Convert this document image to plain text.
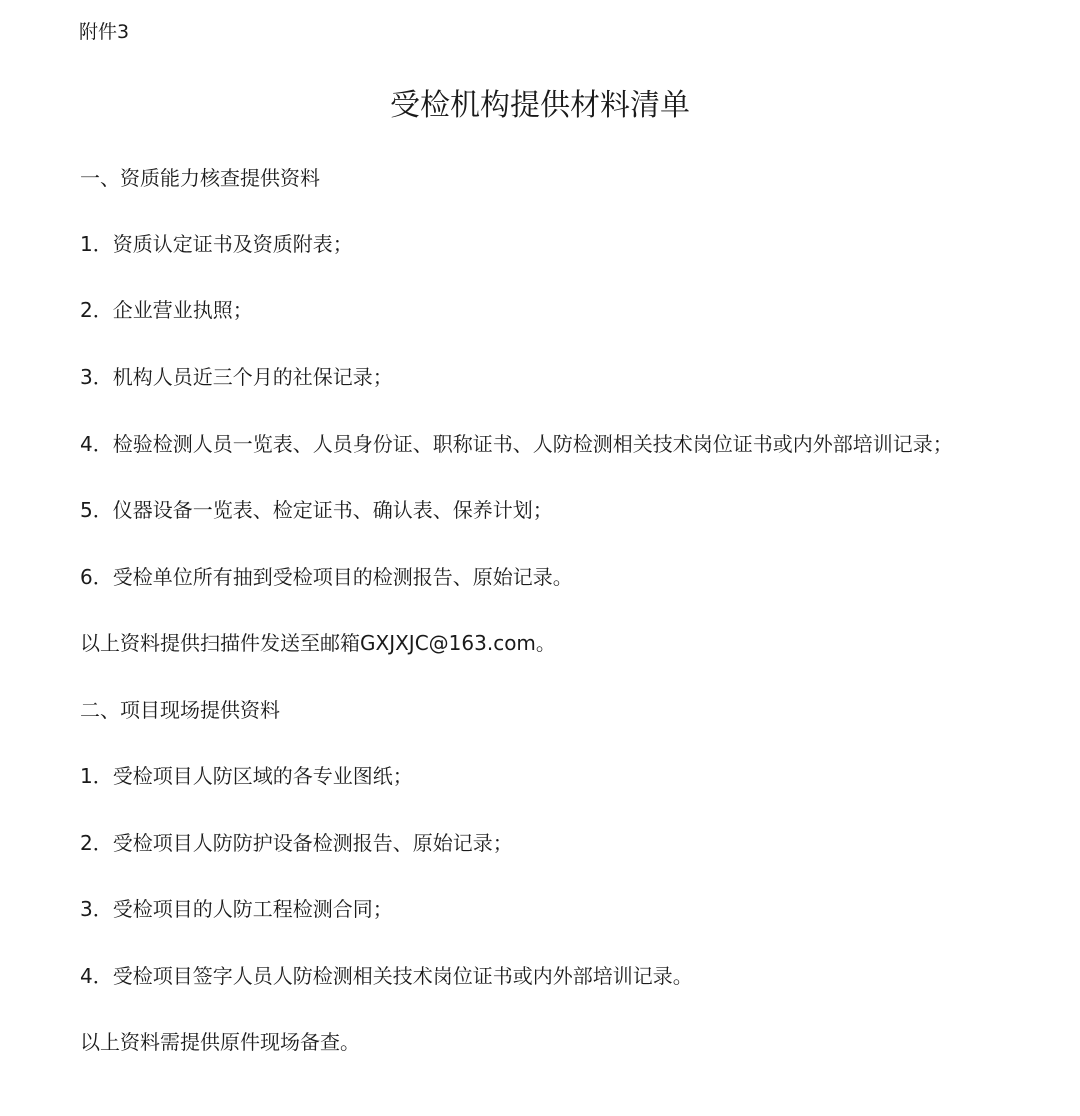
附件3

受检机构提供材料清单

一、资质能力核查提供资料

1．资质认定证书及资质附表；

2．企业营业执照；

3．机构人员近三个月的社保记录；

4．检验检测人员一览表、人员身份证、职称证书、人防检测相关技术岗位证书或内外部培训记录；

5．仪器设备一览表、检定证书、确认表、保养计划；

6．受检单位所有抽到受检项目的检测报告、原始记录。

以上资料提供扫描件发送至邮箱GXJXJC@163.com。

二、项目现场提供资料

1．受检项目人防区域的各专业图纸；

2．受检项目人防防护设备检测报告、原始记录；

3．受检项目的人防工程检测合同；

4．受检项目签字人员人防检测相关技术岗位证书或内外部培训记录。

以上资料需提供原件现场备查。
